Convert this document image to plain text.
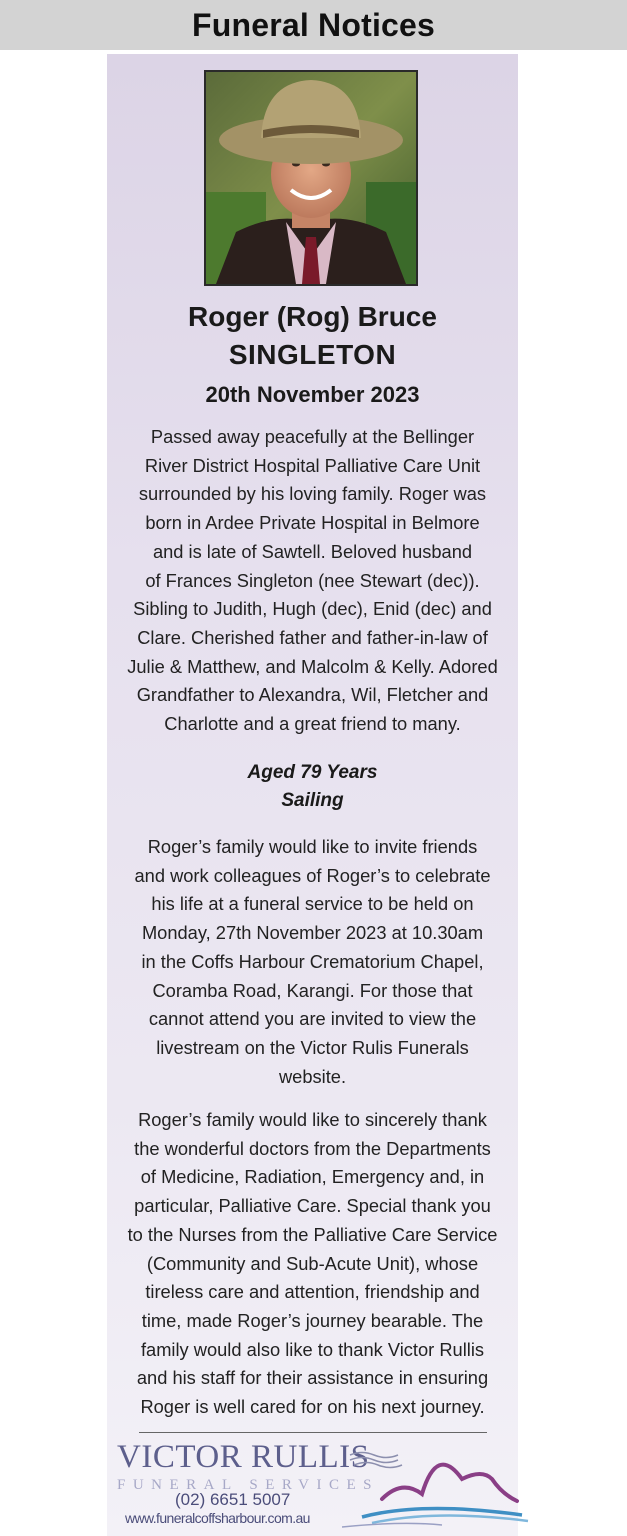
Funeral Notices
Roger (Rog) Bruce
SINGLETON
20th November 2023
Passed away peacefully at the Bellinger
River District Hospital Palliative Care Unit
surrounded by his loving family. Roger was
born in Ardee Private Hospital in Belmore
and is late of Sawtell. Beloved husband
of Frances Singleton (nee Stewart (dec)).
Sibling to Judith, Hugh (dec), Enid (dec) and
Clare. Cherished father and father-in-law of
Julie & Matthew, and Malcolm & Kelly. Adored
Grandfather to Alexandra, Wil, Fletcher and
Charlotte and a great friend to many.
Aged 79 Years
Sailing
Roger’s family would like to invite friends
and work colleagues of Roger’s to celebrate
his life at a funeral service to be held on
Monday, 27th November 2023 at 10.30am
in the Coffs Harbour Crematorium Chapel,
Coramba Road, Karangi. For those that
cannot attend you are invited to view the
livestream on the Victor Rulis Funerals
website.
Roger’s family would like to sincerely thank
the wonderful doctors from the Departments
of Medicine, Radiation, Emergency and, in
particular, Palliative Care. Special thank you
to the Nurses from the Palliative Care Service
(Community and Sub-Acute Unit), whose
tireless care and attention, friendship and
time, made Roger’s journey bearable. The
family would also like to thank Victor Rullis
and his staff for their assistance in ensuring
Roger is well cared for on his next journey.
VICTOR RULLIS
FUNERAL SERVICES
(02) 6651 5007
www.funeralcoffsharbour.com.au
